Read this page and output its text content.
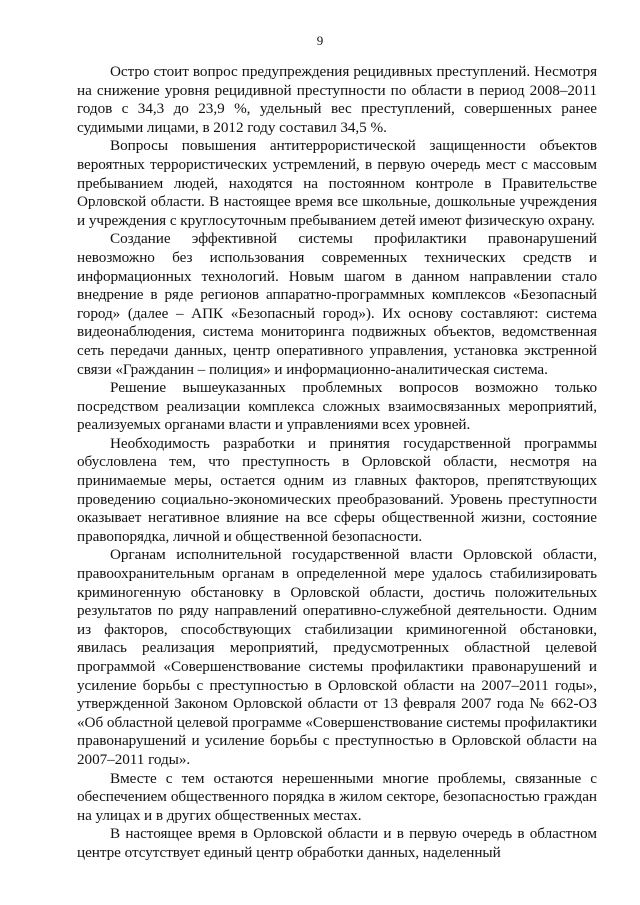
9

Остро стоит вопрос предупреждения рецидивных преступлений. Несмотря на снижение уровня рецидивной преступности по области в период 2008–2011 годов с 34,3 до 23,9 %, удельный вес преступлений, совершенных ранее судимыми лицами, в 2012 году составил 34,5 %.

Вопросы повышения антитеррористической защищенности объектов вероятных террористических устремлений, в первую очередь мест с массовым пребыванием людей, находятся на постоянном контроле в Правительстве Орловской области. В настоящее время все школьные, дошкольные учреждения и учреждения с круглосуточным пребыванием детей имеют физическую охрану.

Создание эффективной системы профилактики правонарушений невозможно без использования современных технических средств и информационных технологий. Новым шагом в данном направлении стало внедрение в ряде регионов аппаратно-программных комплексов «Безопасный город» (далее – АПК «Безопасный город»). Их основу составляют: система видеонаблюдения, система мониторинга подвижных объектов, ведомственная сеть передачи данных, центр оперативного управления, установка экстренной связи «Гражданин – полиция» и информационно-аналитическая система.

Решение вышеуказанных проблемных вопросов возможно только посредством реализации комплекса сложных взаимосвязанных мероприятий, реализуемых органами власти и управлениями всех уровней.

Необходимость разработки и принятия государственной программы обусловлена тем, что преступность в Орловской области, несмотря на принимаемые меры, остается одним из главных факторов, препятствующих проведению социально-экономических преобразований. Уровень преступности оказывает негативное влияние на все сферы общественной жизни, состояние правопорядка, личной и общественной безопасности.

Органам исполнительной государственной власти Орловской области, правоохранительным органам в определенной мере удалось стабилизировать криминогенную обстановку в Орловской области, достичь положительных результатов по ряду направлений оперативно-служебной деятельности. Одним из факторов, способствующих стабилизации криминогенной обстановки, явилась реализация мероприятий, предусмотренных областной целевой программой «Совершенствование системы профилактики правонарушений и усиление борьбы с преступностью в Орловской области на 2007–2011 годы», утвержденной Законом Орловской области от 13 февраля 2007 года № 662-ОЗ «Об областной целевой программе «Совершенствование системы профилактики правонарушений и усиление борьбы с преступностью в Орловской области на 2007–2011 годы».

Вместе с тем остаются нерешенными многие проблемы, связанные с обеспечением общественного порядка в жилом секторе, безопасностью граждан на улицах и в других общественных местах.

В настоящее время в Орловской области и в первую очередь в областном центре отсутствует единый центр обработки данных, наделенный
